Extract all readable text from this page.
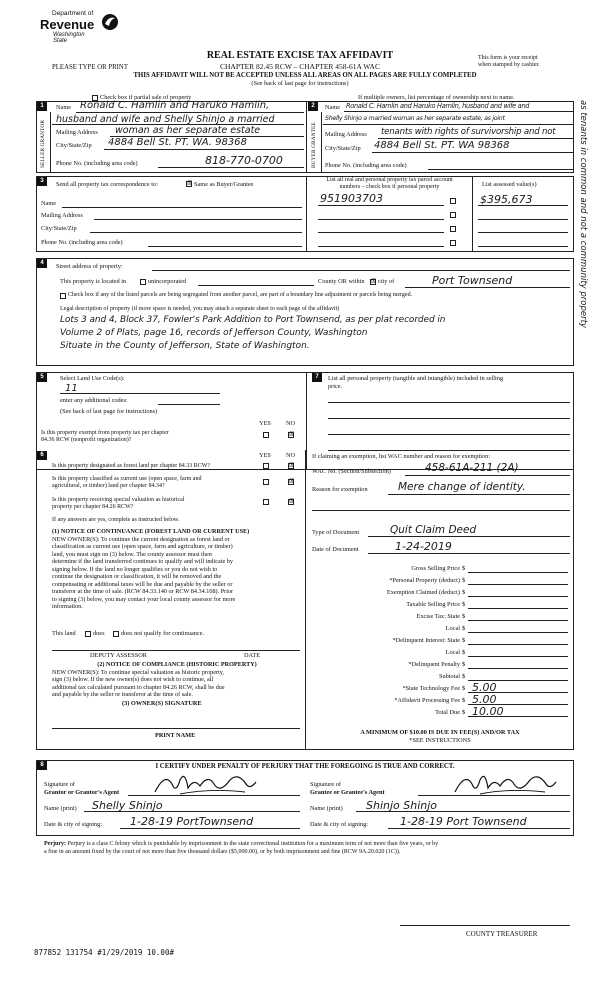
Department of
Revenue
Washington State
REAL ESTATE EXCISE TAX AFFIDAVIT
CHAPTER 82.45 RCW – CHAPTER 458-61A WAC
PLEASE TYPE OR PRINT
This form is your receipt
when stamped by cashier.
THIS AFFIDAVIT WILL NOT BE ACCEPTED UNLESS ALL AREAS ON ALL PAGES ARE FULLY COMPLETED
(See back of last page for instructions)
Check box if partial sale of property	If multiple owners, list percentage of ownership next to name.
1
SELLER GRANTOR
Name Ronald C. Hamlin and Haruko Hamlin,
husband and wife and Shelly Shinjo a married
Mailing Address woman as her separate estate
City/State/Zip 4884 Bell St. PT. WA. 98368
Phone No. (including area code)	818-770-0700
2
BUYER GRANTEE
Name Ronald C. Hamlin and Haruko Hamlin, husband and wife and
Shelly Shinjo a married woman as her separate estate, as joint
Mailing Address tenants with rights of survivorship and not
City/State/Zip 4884 Bell St. PT. WA 98368
Phone No. (including area code)	as tenants in common and not a community property
3	Send all property tax correspondence to:	☒ Same as Buyer/Grantee
Name
Mailing Address
City/State/Zip
Phone No. (including area code)
List all real and personal property tax parcel account
numbers – check box if personal property	List assessed value(s)
951903703	$395,673
4	Street address of property:
This property is located in	unincorporated	County OR within ☒ city of	Port Townsend
Check box if any of the listed parcels are being segregated from another parcel, are part of a boundary line adjustment or parcels being merged.
Legal description of property (if more space is needed, you may attach a separate sheet to each page of the affidavit)
Lots 3 and 4, Block 37, Fowler's Park Addition to Port Townsend, as per plat recorded in
Volume 2 of Plats, page 16, records of Jefferson County, Washington
Situate in the County of Jefferson, State of Washington.
5	Select Land Use Code(s):
11
enter any additional codes:
(See back of last page for instructions)
YES NO
Is this property exempt from property tax per chapter
84.36 RCW (nonprofit organization)?
☒
7	List all personal property (tangible and intangible) included in selling
price.
6	YES NO
Is this property designated as forest land per chapter 84.33 RCW?	☒
Is this property classified as current use (open space, farm and
agricultural, or timber) land per chapter 84.34?
☒
Is this property receiving special valuation as historical
property per chapter 84.26 RCW?
☒
If any answers are yes, complete as instructed below.
(1) NOTICE OF CONTINUANCE (FOREST LAND OR CURRENT USE)
NEW OWNER(S): To continue the current designation as forest land or
classification as current use (open space, farm and agriculture, or timber)
land, you must sign on (3) below. The county assessor must then
determine if the land transferred continues to qualify and will indicate by
signing below. If the land no longer qualifies or you do not wish to
continue the designation or classification, it will be removed and the
compensating or additional taxes will be due and payable by the seller or
transferor at the time of sale. (RCW 84.33.140 or RCW 84.34.108). Prior
to signing (3) below, you may contact your local county assessor for more
information.
This land	does	does not qualify for continuance.
DEPUTY ASSESSOR	DATE
(2) NOTICE OF COMPLIANCE (HISTORIC PROPERTY)
NEW OWNER(S): To continue special valuation as historic property,
sign (3) below. If the new owner(s) does not wish to continue, all
additional tax calculated pursuant to chapter 84.26 RCW, shall be due
and payable by the seller or transferor at the time of sale.
(3) OWNER(S) SIGNATURE
PRINT NAME
If claiming an exemption, list WAC number and reason for exemption:
WAC No. (Section/Subsection)	458-61A-211 (2A)
Reason for exemption	Mere change of identity.
Type of Document	Quit Claim Deed
Date of Document	1-24-2019
Gross Selling Price $
*Personal Property (deduct) $
Exemption Claimed (deduct) $
Taxable Selling Price $
Excise Tax: State $
Local $
*Delinquent Interest: State $
Local $
*Delinquent Penalty $
Subtotal $
*State Technology Fee $ 5.00
*Affidavit Processing Fee $ 5.00
Total Due $ 10.00
A MINIMUM OF $10.00 IS DUE IN FEE(S) AND/OR TAX
*SEE INSTRUCTIONS
8	I CERTIFY UNDER PENALTY OF PERJURY THAT THE FOREGOING IS TRUE AND CORRECT.
Signature of
Grantor or Grantor's Agent
Name (print) Shelly Shinjo
Date & city of signing:	1-28-19 PortTownsend
Signature of
Grantee or Grantee's Agent
Name (print) Shinjo Shinjo
Date & city of signing:	1-28-19 Port Townsend
Perjury: Perjury is a class C felony which is punishable by imprisonment in the state correctional institution for a maximum term of not more than five years, or by
a fine in an amount fixed by the court of not more than five thousand dollars ($5,000.00), or by both imprisonment and fine (RCW 9A.20.020 (1C)).
COUNTY TREASURER
877852 131754 #1/29/2019 10.00#
